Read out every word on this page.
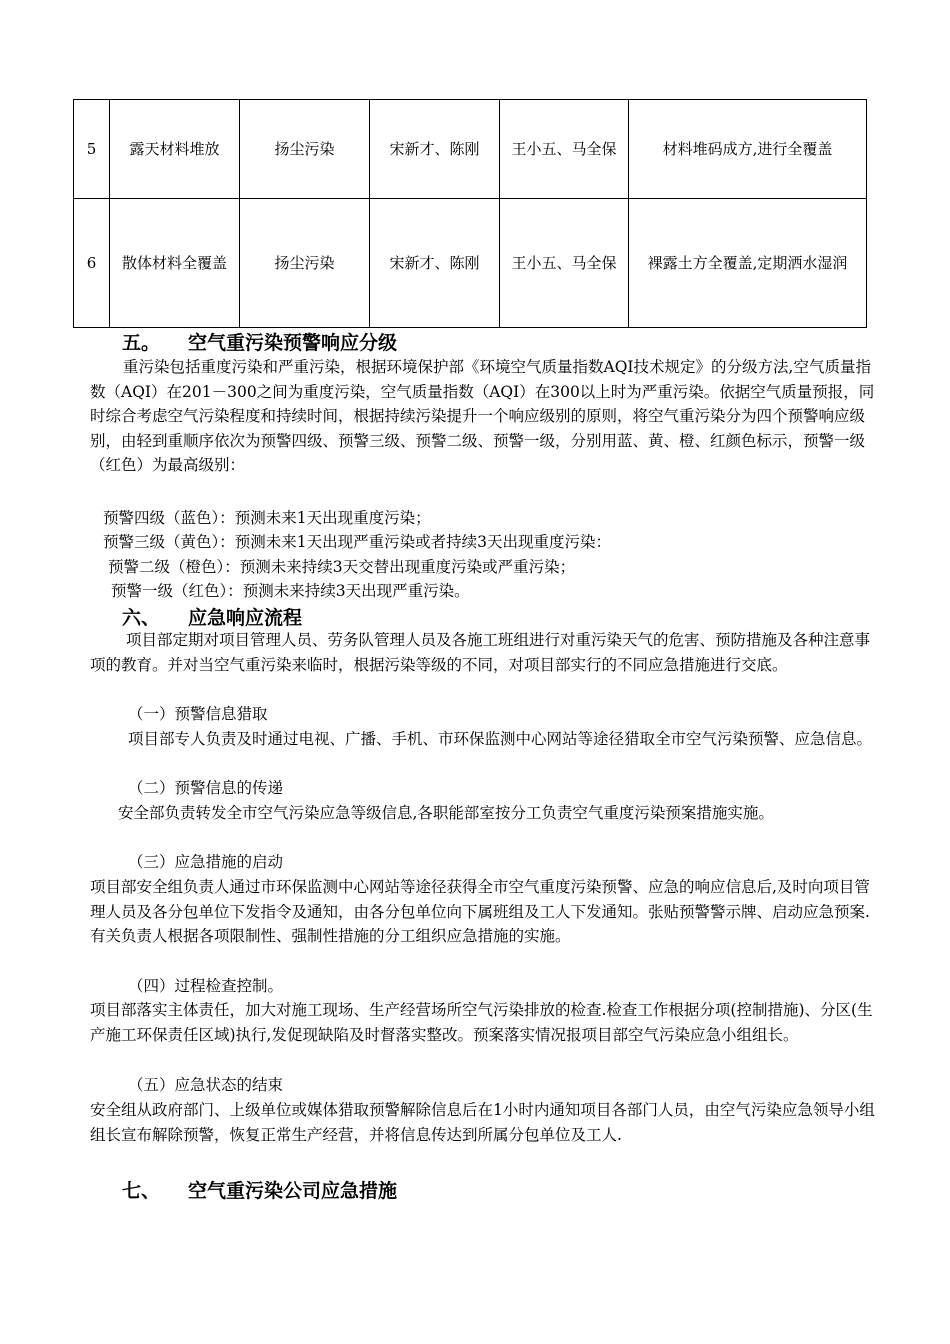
5	露天材料堆放	扬尘污染	宋新才、陈刚	王小五、马全保	材料堆码成方,进行全覆盖
6	散体材料全覆盖	扬尘污染	宋新才、陈刚	王小五、马全保	裸露土方全覆盖,定期洒水湿润
五。 空气重污染预警响应分级

重污染包括重度污染和严重污染，根据环境保护部《环境空气质量指数AQI技术规定》的分级方法,空气质量指数（AQI）在201－300之间为重度污染，空气质量指数（AQI）在300以上时为严重污染。依据空气质量预报，同时综合考虑空气污染程度和持续时间，根据持续污染提升一个响应级别的原则，将空气重污染分为四个预警响应级别，由轻到重顺序依次为预警四级、预警三级、预警二级、预警一级，分别用蓝、黄、橙、红颜色标示，预警一级（红色）为最高级别：

预警四级（蓝色）：预测未来1天出现重度污染；
预警三级（黄色）：预测未来1天出现严重污染或者持续3天出现重度污染：
预警二级（橙色）：预测未来持续3天交替出现重度污染或严重污染；
预警一级（红色）：预测未来持续3天出现严重污染。
六、 应急响应流程

项目部定期对项目管理人员、劳务队管理人员及各施工班组进行对重污染天气的危害、预防措施及各种注意事项的教育。并对当空气重污染来临时，根据污染等级的不同，对项目部实行的不同应急措施进行交底。

（一）预警信息猎取

项目部专人负责及时通过电视、广播、手机、市环保监测中心网站等途径猎取全市空气污染预警、应急信息。

（二）预警信息的传递

安全部负责转发全市空气污染应急等级信息,各职能部室按分工负责空气重度污染预案措施实施。

（三）应急措施的启动

项目部安全组负责人通过市环保监测中心网站等途径获得全市空气重度污染预警、应急的响应信息后,及时向项目管理人员及各分包单位下发指令及通知，由各分包单位向下属班组及工人下发通知。张贴预警警示牌、启动应急预案.有关负责人根据各项限制性、强制性措施的分工组织应急措施的实施。

（四）过程检查控制。

项目部落实主体责任，加大对施工现场、生产经营场所空气污染排放的检查.检查工作根据分项(控制措施)、分区(生产施工环保责任区域)执行,发促现缺陷及时督落实整改。预案落实情况报项目部空气污染应急小组组长。

（五）应急状态的结束

安全组从政府部门、上级单位或媒体猎取预警解除信息后在1小时内通知项目各部门人员，由空气污染应急领导小组组长宣布解除预警，恢复正常生产经营，并将信息传达到所属分包单位及工人.

七、 空气重污染公司应急措施
